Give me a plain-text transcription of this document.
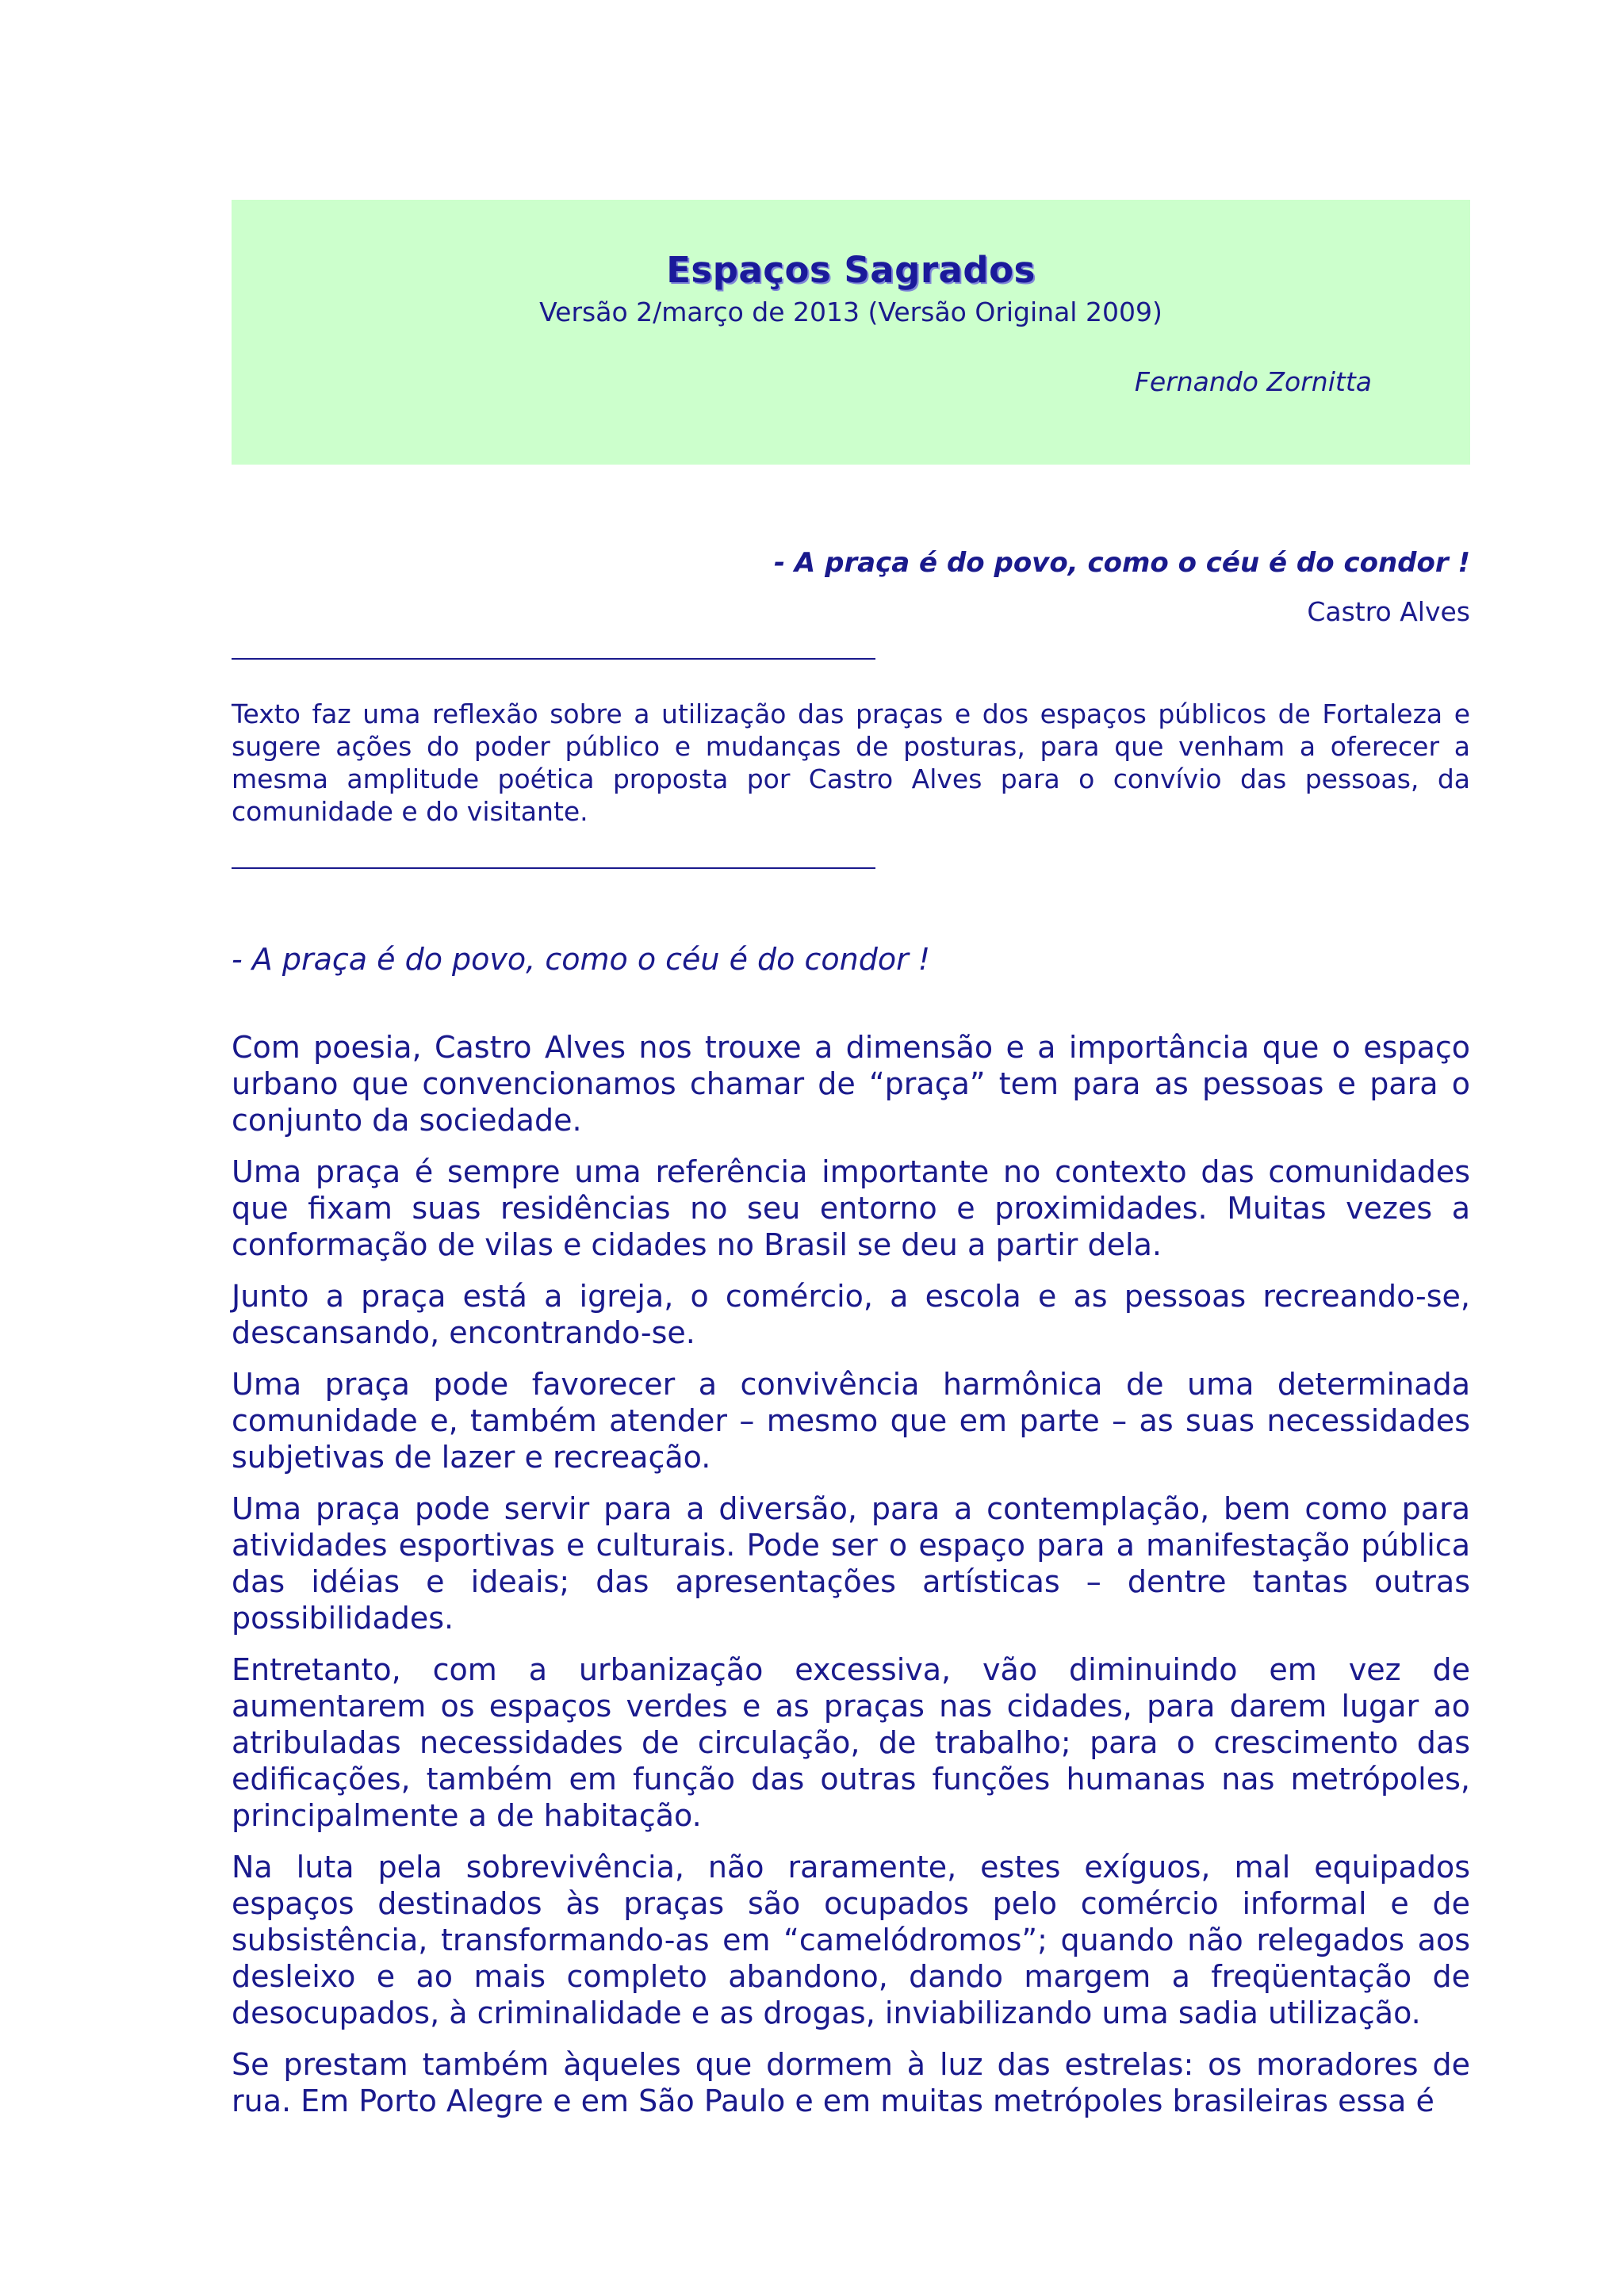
Espaços Sagrados
Versão 2/março de 2013 (Versão Original 2009)
Fernando Zornitta
- A praça é do povo, como o céu é do condor !
Castro Alves

Texto faz uma reflexão sobre a utilização das praças e dos espaços públicos de Fortaleza e sugere ações do poder público e mudanças de posturas, para que venham a oferecer a mesma amplitude poética proposta por Castro Alves para o convívio das pessoas, da comunidade e do visitante.

- A praça é do povo, como o céu é do condor !

Com poesia, Castro Alves nos trouxe a dimensão e a importância que o espaço urbano que convencionamos chamar de “praça” tem para as pessoas e para o conjunto da sociedade.

Uma praça é sempre uma referência importante no contexto das comunidades que fixam suas residências no seu entorno e proximidades. Muitas vezes a conformação de vilas e cidades no Brasil se deu a partir dela.

Junto a praça está a igreja, o comércio, a escola e as pessoas recreando-se, descansando, encontrando-se.

Uma praça pode favorecer a convivência harmônica de uma determinada comunidade e, também atender – mesmo que em parte – as suas necessidades subjetivas de lazer e recreação.

Uma praça pode servir para a diversão, para a contemplação, bem como para atividades esportivas e culturais. Pode ser o espaço para a manifestação pública das idéias e ideais; das apresentações artísticas – dentre tantas outras possibilidades.

Entretanto, com a urbanização excessiva, vão diminuindo em vez de aumentarem os espaços verdes e as praças nas cidades, para darem lugar ao atribuladas necessidades de circulação, de trabalho; para o crescimento das edificações, também em função das outras funções humanas nas metrópoles, principalmente a de habitação.

Na luta pela sobrevivência, não raramente, estes exíguos, mal equipados espaços destinados às praças são ocupados pelo comércio informal e de subsistência, transformando-as em “camelódromos”; quando não relegados aos desleixo e ao mais completo abandono, dando margem a freqüentação de desocupados, à criminalidade e as drogas, inviabilizando uma sadia utilização.

Se prestam também àqueles que dormem à luz das estrelas: os moradores de rua. Em Porto Alegre e em São Paulo e em muitas metrópoles brasileiras essa é
